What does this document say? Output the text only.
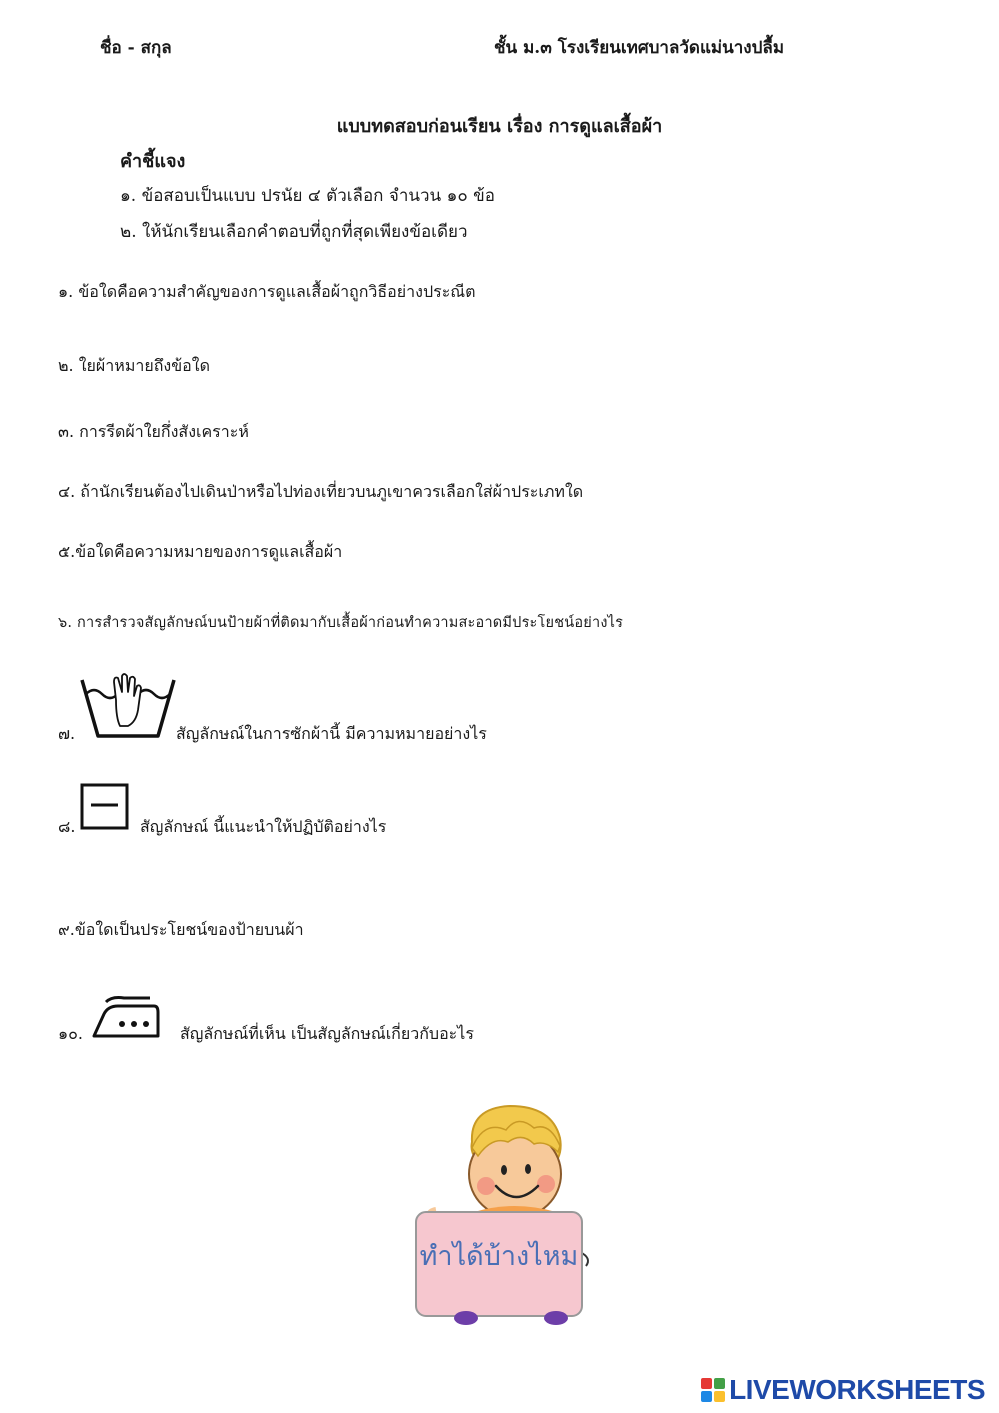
ชื่อ - สกุล	ชั้น ม.๓ โรงเรียนเทศบาลวัดแม่นางปลื้ม
แบบทดสอบก่อนเรียน เรื่อง การดูแลเสื้อผ้า
คำชี้แจง
๑. ข้อสอบเป็นแบบ ปรนัย ๔ ตัวเลือก จำนวน ๑๐ ข้อ
๒. ให้นักเรียนเลือกคำตอบที่ถูกที่สุดเพียงข้อเดียว
๑. ข้อใดคือความสำคัญของการดูแลเสื้อผ้าถูกวิธีอย่างประณีต
๒. ใยผ้าหมายถึงข้อใด
๓. การรีดผ้าใยกึ่งสังเคราะห์
๔. ถ้านักเรียนต้องไปเดินป่าหรือไปท่องเที่ยวบนภูเขาควรเลือกใส่ผ้าประเภทใด
๕.ข้อใดคือความหมายของการดูแลเสื้อผ้า
๖. การสำรวจสัญลักษณ์บนป้ายผ้าที่ติดมากับเสื้อผ้าก่อนทำความสะอาดมีประโยชน์อย่างไร
๗.	สัญลักษณ์ในการซักผ้านี้ มีความหมายอย่างไร
๘.	สัญลักษณ์ นี้แนะนำให้ปฏิบัติอย่างไร
๙.ข้อใดเป็นประโยชน์ของป้ายบนผ้า
๑๐.	สัญลักษณ์ที่เห็น เป็นสัญลักษณ์เกี่ยวกับอะไร
ทำได้บ้างไหม
LIVEWORKSHEETS
